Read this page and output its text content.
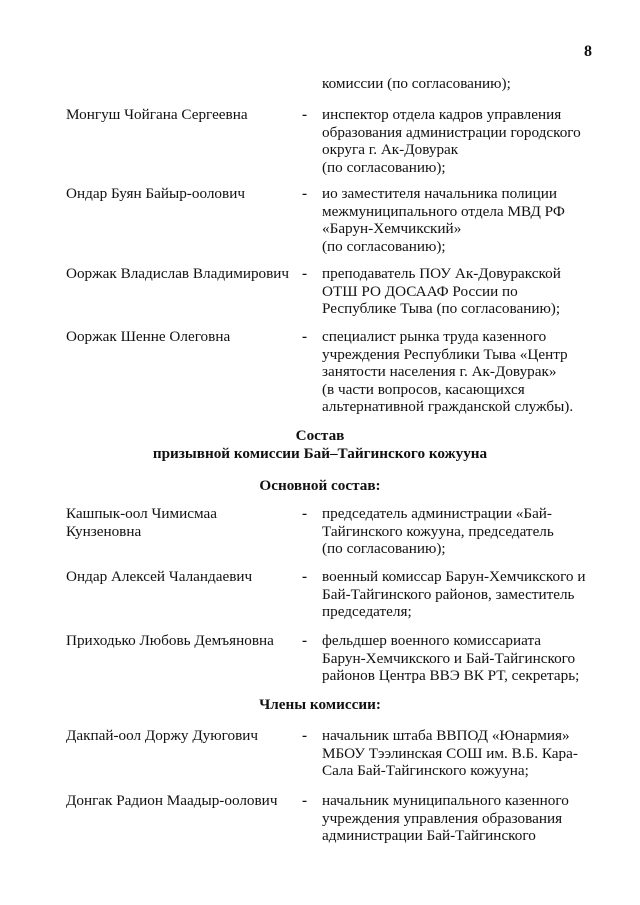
8
комиссии (по согласованию);
Монгуш Чойгана Сергеевна	- инспектор отдела кадров управления
образования администрации городского
округа г. Ак-Довурак
(по согласованию);
Ондар Буян Байыр-оолович	- ио заместителя начальника полиции
межмуниципального отдела МВД РФ
«Барун-Хемчикский»
(по согласованию);
Ооржак Владислав Владимирович - преподаватель ПОУ Ак-Довуракской
ОТШ РО ДОСААФ России по
Республике Тыва (по согласованию);
Ооржак Шенне Олеговна	- специалист рынка труда казенного
учреждения Республики Тыва «Центр
занятости населения г. Ак-Довурак»
(в части вопросов, касающихся
альтернативной гражданской службы).
Состав
призывной комиссии Бай–Тайгинского кожууна
Основной состав:
Кашпык-оол Чимисмаа
Кунзеновна
- председатель администрации «Бай-
Тайгинского кожууна, председатель
(по согласованию);
Ондар Алексей Чаландаевич	- военный комиссар Барун-Хемчикского и
Бай-Тайгинского районов, заместитель
председателя;
Приходько Любовь Демъяновна	- фельдшер военного комиссариата
Барун-Хемчикского и Бай-Тайгинского
районов Центра ВВЭ ВК РТ, секретарь;
Члены комиссии:
Дакпай-оол Доржу Дуюгович	- начальник штаба ВВПОД «Юнармия»
МБОУ Тээлинская СОШ им. В.Б. Кара-
Сала Бай-Тайгинского кожууна;
Донгак Радион Маадыр-оолович	- начальник муниципального казенного
учреждения управления образования
администрации Бай-Тайгинского
